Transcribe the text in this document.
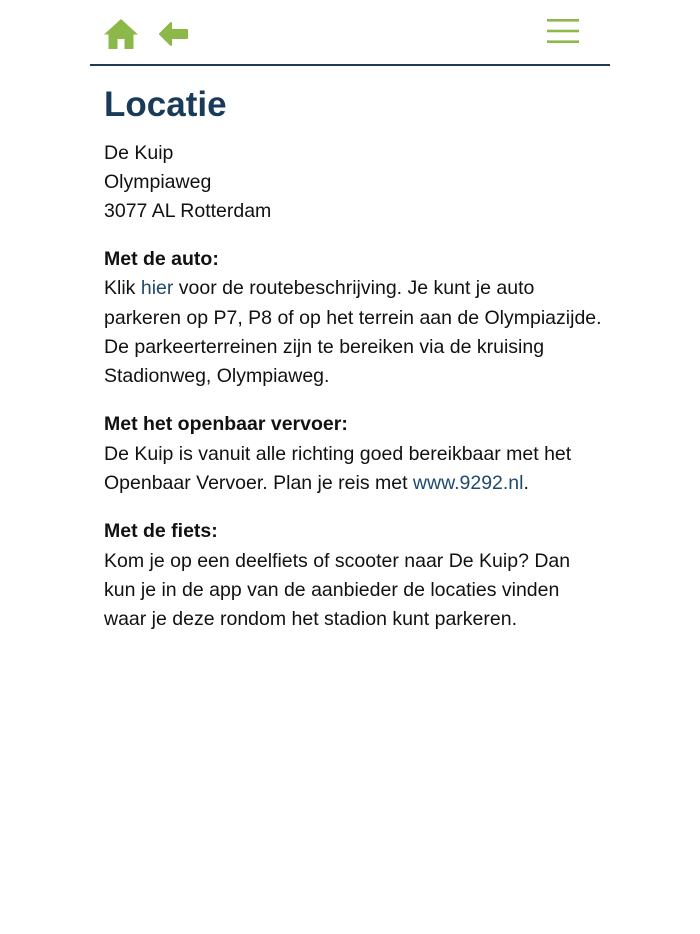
Locatie
De Kuip
Olympiaweg
3077 AL Rotterdam
Met de auto:

Klik hier voor de routebeschrijving. Je kunt je auto parkeren op P7, P8 of op het terrein aan de Olympiazijde. De parkeerterreinen zijn te bereiken via de kruising Stadionweg, Olympiaweg.

Met het openbaar vervoer:

De Kuip is vanuit alle richting goed bereikbaar met het Openbaar Vervoer. Plan je reis met www.9292.nl.

Met de fiets:

Kom je op een deelfiets of scooter naar De Kuip? Dan kun je in de app van de aanbieder de locaties vinden waar je deze rondom het stadion kunt parkeren.
